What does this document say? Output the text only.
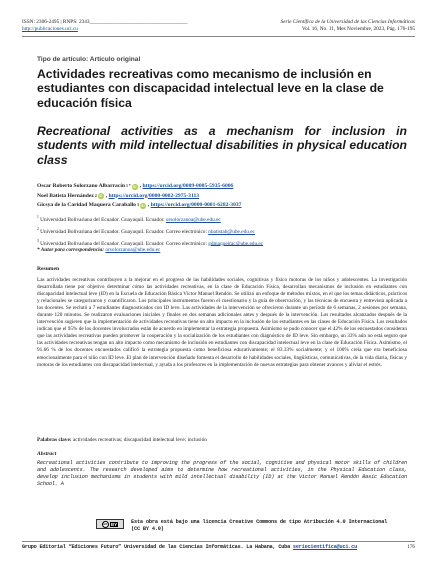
ISSN: 2306-2495 | RNPS: 2343_____________________________________	Serie Científica de la Universidad de las Ciencias Informáticas
http://publicaciones.uci.cu	Vol. 16, No. 11, Mes Noviembre, 2023, Pág. 176-195
Tipo de artículo: Artículo original
Actividades recreativas como mecanismo de inclusión en estudiantes con discapacidad intelectual leve en la clase de educación física
Recreational activities as a mechanism for inclusion in students with mild intellectual disabilities in physical education class
Oscar Roberto Solorzano Albarracín 1 * iD , https://orcid.org/0009-0005-5935-6006
Noel Batista Hernández 2 iD , https://orcid.org/0000-0002-2975-3113
Gicsya de la Caridad Maquera Caraballo 3 iD , https://orcid.org/0000-0001-6282-3037
$^1$ Universidad Bolivariana del Ecuador. Guayaquil. Ecuador. orsolorzanoa@ube.edu.ec
$^2$ Universidad Bolivariana del Ecuador. Guayaquil. Ecuador. Correo electrónico: nbatistah@ube.edu.ec
$^3$ Universidad Bolivariana del Ecuador. Guayaquil. Ecuador. Correo electrónico: gdmaqueirac@ube.edu.ec
* Autor para correspondencia: orsolorzanoa@ube.edu.ec
Resumen

Las actividades recreativas contribuyen a la mejorar en el progreso de las habilidades sociales, cognitivas y físico motoras de los niños y adolescentes. La investigación desarrollada tiene por objetivo determinar cómo las actividades recreativas, en la clase de Educación Física, desarrollan mecanismos de inclusión en estudiantes con discapacidad intelectual leve (ID) en la Escuela de Educación Básica Víctor Manuel Rendón. Se utilizó un enfoque de métodos mixtos, en el que los temas didácticos, prácticos y relacionales se categorizaron y cuantificaron. Los principales instrumentos fueron el cuestionario y la guía de observación, y las técnicas de encuesta y entrevista aplicada a los docentes. Se reclutó a 7 estudiantes diagnosticados con ID leve. Las actividades de la intervención se ofrecieron durante un período de 6 semanas, 2 sesiones por semana, durante 120 minutos. Se realizaron evaluaciones iniciales y finales en dos semanas adicionales antes y después de la intervención. Los resultados alcanzados después de la intervención sugieren que la implementación de actividades recreativas tiene un alto impacto en la inclusión de los estudiantes en las clases de Educación Física. Los resultados indican que el 95% de los docentes involucrados están de acuerdo en implementar la estrategia propuesta. Asimismo se pudo conocer que el 42% de los encuestados consideran que las actividades recreativas pueden promover la cooperación y la socialización de los estudiantes con diagnóstico de ID leve. Sin embargo, un 33% aún no está seguro que las actividades recreativas tengan un alto impacto como mecanismo de inclusión en estudiantes con discapacidad intelectual leve en la clase de Educación Física. Asimismo, el 91.66 % de los docentes encuestados calificó la estrategia propuesta como beneficiosa educativamente; el 83.33% socialmente; y el 100% creía que era beneficiosa emocionalmente para el niño con ID leve. El plan de intervención diseñado fomenta el desarrollo de habilidades sociales, lingüísticas, comunicativas, de la vida diaria, físicas y motoras de los estudiantes con discapacidad intelectual, y ayuda a los profesores en la implementación de nuevas estrategias para obtener avances y aliviar el estrés.

Palabras clave: actividades recreativas; discapacidad intelectual leve; inclusión
Abstract

Recreational activities contribute to improving the progress of the social, cognitive and physical motor skills of children and adolescents. The research developed aims to determine how recreational activities, in the Physical Education class, develop inclusion mechanisms in students with mild intellectual disability (ID) at the Victor Manuel Rendón Basic Education School. A

cc BY	Esta obra está bajo una licencia Creative Commons de tipo Atribución 4.0 Internacional
(CC BY 4.0)
Grupo Editorial “Ediciones Futuro” Universidad de las Ciencias Informáticas. La Habana, Cuba seriecientifica@uci.cu	176
